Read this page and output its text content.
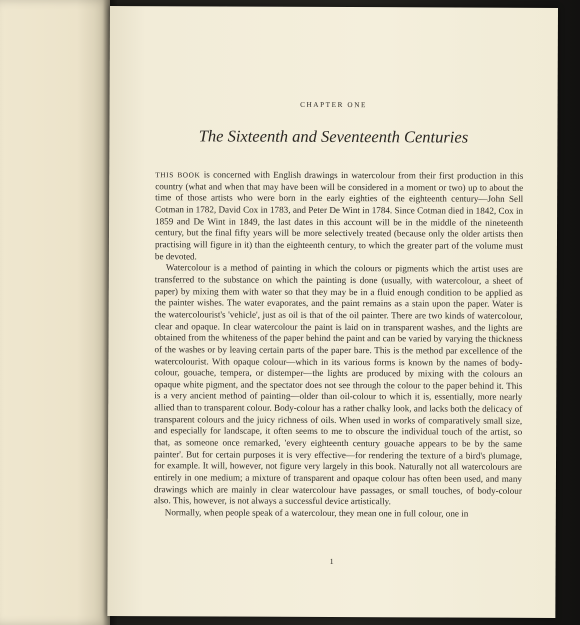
CHAPTER ONE
The Sixteenth and Seventeenth Centuries

THIS BOOK is concerned with English drawings in watercolour from their first production in this country (what and when that may have been will be considered in a moment or two) up to about the time of those artists who were born in the early eighties of the eighteenth century—John Sell Cotman in 1782, David Cox in 1783, and Peter De Wint in 1784. Since Cotman died in 1842, Cox in 1859 and De Wint in 1849, the last dates in this account will be in the middle of the nineteenth century, but the final fifty years will be more selectively treated (because only the older artists then practising will figure in it) than the eighteenth century, to which the greater part of the volume must be devoted.

Watercolour is a method of painting in which the colours or pigments which the artist uses are transferred to the substance on which the painting is done (usually, with watercolour, a sheet of paper) by mixing them with water so that they may be in a fluid enough condition to be applied as the painter wishes. The water evaporates, and the paint remains as a stain upon the paper. Water is the watercolourist's 'vehicle', just as oil is that of the oil painter. There are two kinds of watercolour, clear and opaque. In clear watercolour the paint is laid on in transparent washes, and the lights are obtained from the whiteness of the paper behind the paint and can be varied by varying the thickness of the washes or by leaving certain parts of the paper bare. This is the method par excellence of the watercolourist. With opaque colour—which in its various forms is known by the names of body-colour, gouache, tempera, or distemper—the lights are produced by mixing with the colours an opaque white pigment, and the spectator does not see through the colour to the paper behind it. This is a very ancient method of painting—older than oil-colour to which it is, essentially, more nearly allied than to transparent colour. Body-colour has a rather chalky look, and lacks both the delicacy of transparent colours and the juicy richness of oils. When used in works of comparatively small size, and especially for landscape, it often seems to me to obscure the individual touch of the artist, so that, as someone once remarked, 'every eighteenth century gouache appears to be by the same painter'. But for certain purposes it is very effective—for rendering the texture of a bird's plumage, for example. It will, however, not figure very largely in this book. Naturally not all watercolours are entirely in one medium; a mixture of transparent and opaque colour has often been used, and many drawings which are mainly in clear watercolour have passages, or small touches, of body-colour also. This, however, is not always a successful device artistically.

Normally, when people speak of a watercolour, they mean one in full colour, one in

1
